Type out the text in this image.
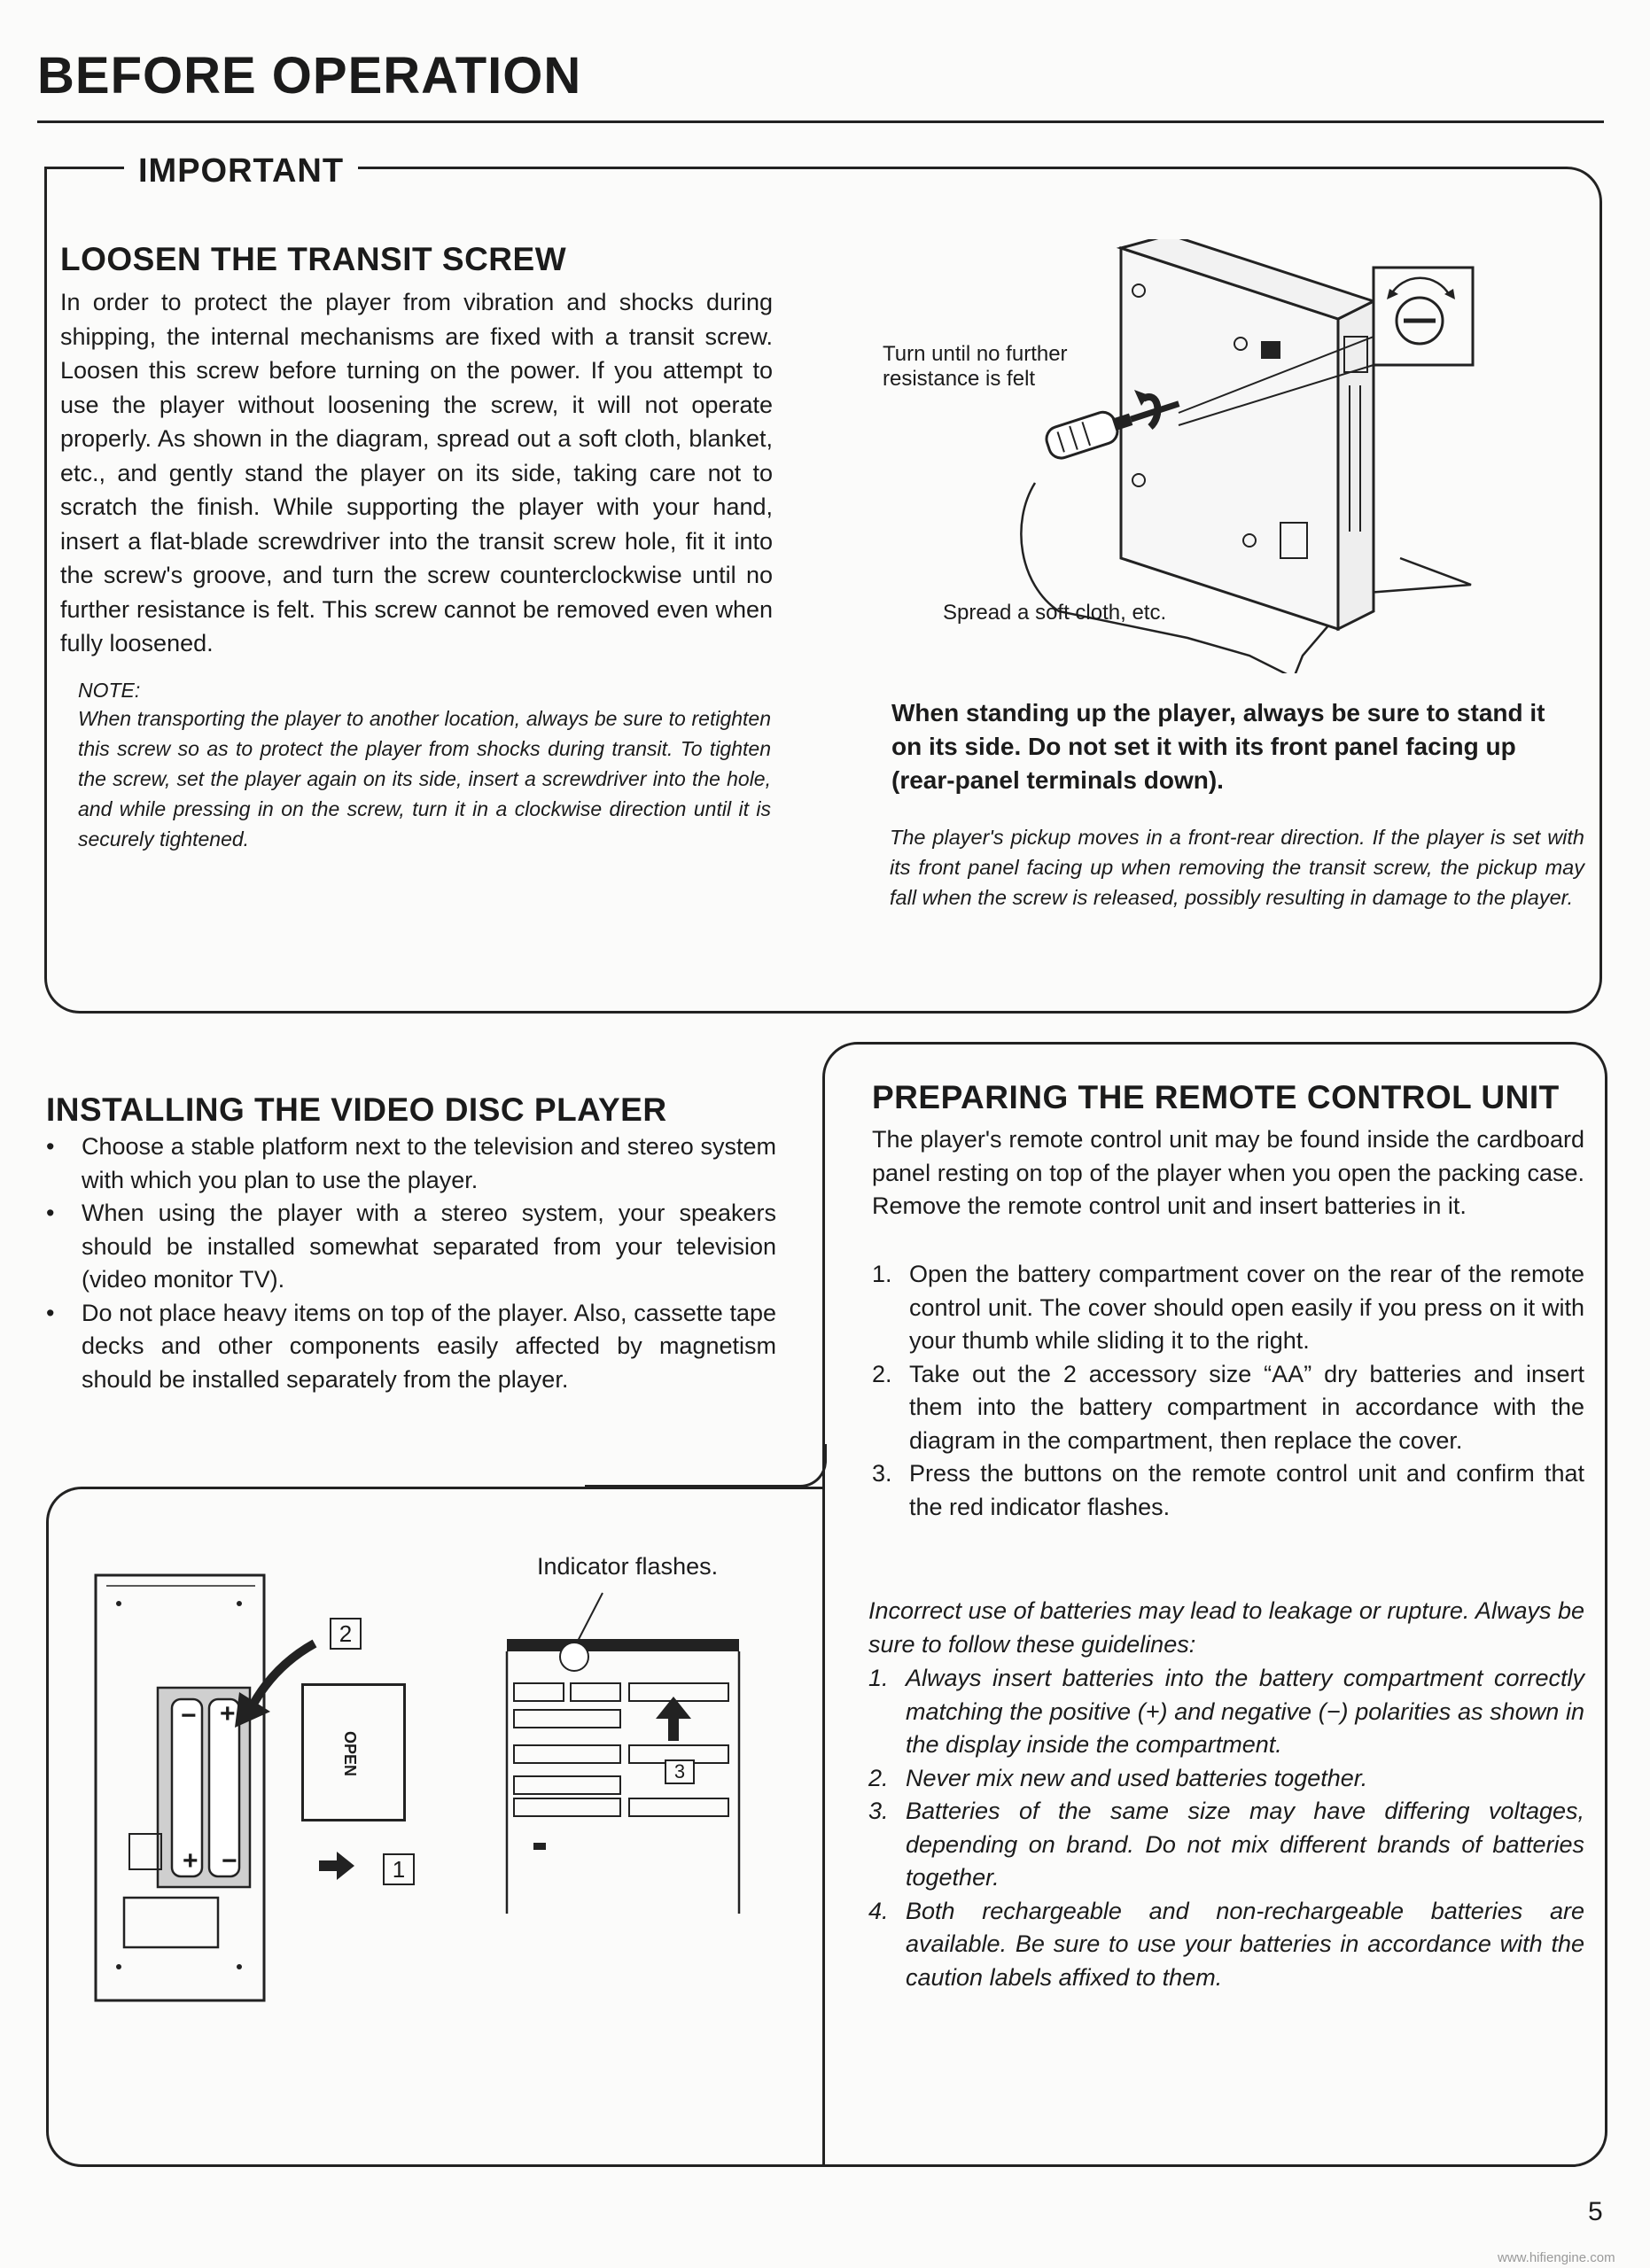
BEFORE OPERATION
IMPORTANT
LOOSEN THE TRANSIT SCREW
In order to protect the player from vibration and shocks during shipping, the internal mechanisms are fixed with a transit screw. Loosen this screw before turning on the power. If you attempt to use the player without loosening the screw, it will not operate properly. As shown in the diagram, spread out a soft cloth, blanket, etc., and gently stand the player on its side, taking care not to scratch the finish. While supporting the player with your hand, insert a flat-blade screwdriver into the transit screw hole, fit it into the screw's groove, and turn the screw counterclockwise until no further resistance is felt. This screw cannot be removed even when fully loosened.
NOTE:
When transporting the player to another location, always be sure to retighten this screw so as to protect the player from shocks during transit. To tighten the screw, set the player again on its side, insert a screwdriver into the hole, and while pressing in on the screw, turn it in a clockwise direction until it is securely tightened.
Turn until no further resistance is felt
Spread a soft cloth, etc.
When standing up the player, always be sure to stand it on its side. Do not set it with its front panel facing up (rear-panel terminals down).
The player's pickup moves in a front-rear direction. If the player is set with its front panel facing up when removing the transit screw, the pickup may fall when the screw is released, possibly resulting in damage to the player.
INSTALLING THE VIDEO DISC PLAYER
• Choose a stable platform next to the television and stereo system with which you plan to use the player.
• When using the player with a stereo system, your speakers should be installed somewhat separated from your television (video monitor TV).
• Do not place heavy items on top of the player. Also, cassette tape decks and other components easily affected by magnetism should be installed separately from the player.
PREPARING THE REMOTE CONTROL UNIT
The player's remote control unit may be found inside the cardboard panel resting on top of the player when you open the packing case. Remove the remote control unit and insert batteries in it.
1. Open the battery compartment cover on the rear of the remote control unit. The cover should open easily if you press on it with your thumb while sliding it to the right.
2. Take out the 2 accessory size “AA” dry batteries and insert them into the battery compartment in accordance with the diagram in the compartment, then replace the cover.
3. Press the buttons on the remote control unit and confirm that the red indicator flashes.
Incorrect use of batteries may lead to leakage or rupture. Always be sure to follow these guidelines:
1. Always insert batteries into the battery compartment correctly matching the positive (+) and negative (−) polarities as shown in the display inside the compartment.
2. Never mix new and used batteries together.
3. Batteries of the same size may have differing voltages, depending on brand. Do not mix different brands of batteries together.
4. Both rechargeable and non-rechargeable batteries are available. Be sure to use your batteries in accordance with the caution labels affixed to them.
− +
+ −
2
OPEN
1
Indicator flashes.
3
5
www.hifiengine.com
